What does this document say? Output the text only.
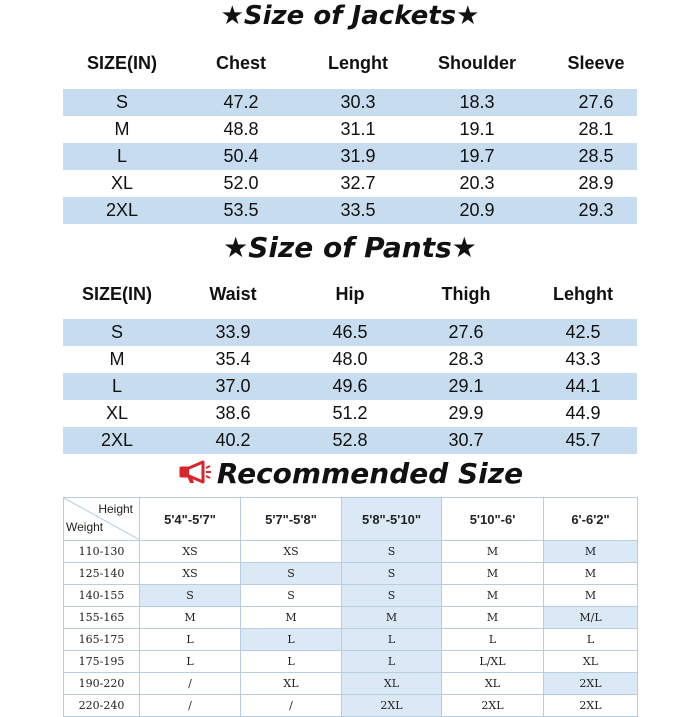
★Size of Jackets★
SIZE(IN)	Chest	Lenght	Shoulder	Sleeve
S	47.2	30.3	18.3	27.6
M	48.8	31.1	19.1	28.1
L	50.4	31.9	19.7	28.5
XL	52.0	32.7	20.3	28.9
2XL	53.5	33.5	20.9	29.3
★Size of Pants★
SIZE(IN)	Waist	Hip	Thigh	Lehght
S	33.9	46.5	27.6	42.5
M	35.4	48.0	28.3	43.3
L	37.0	49.6	29.1	44.1
XL	38.6	51.2	29.9	44.9
2XL	40.2	52.8	30.7	45.7
Recommended Size
Height
Weight	5'4"-5'7"	5'7"-5'8"	5'8"-5'10"	5'10"-6'	6'-6'2"
110-130	XS	XS	S	M	M
125-140	XS	S	S	M	M
140-155	S	S	S	M	M
155-165	M	M	M	M	M/L
165-175	L	L	L	L	L
175-195	L	L	L	L/XL	XL
190-220	/	XL	XL	XL	2XL
220-240	/	/	2XL	2XL	2XL
